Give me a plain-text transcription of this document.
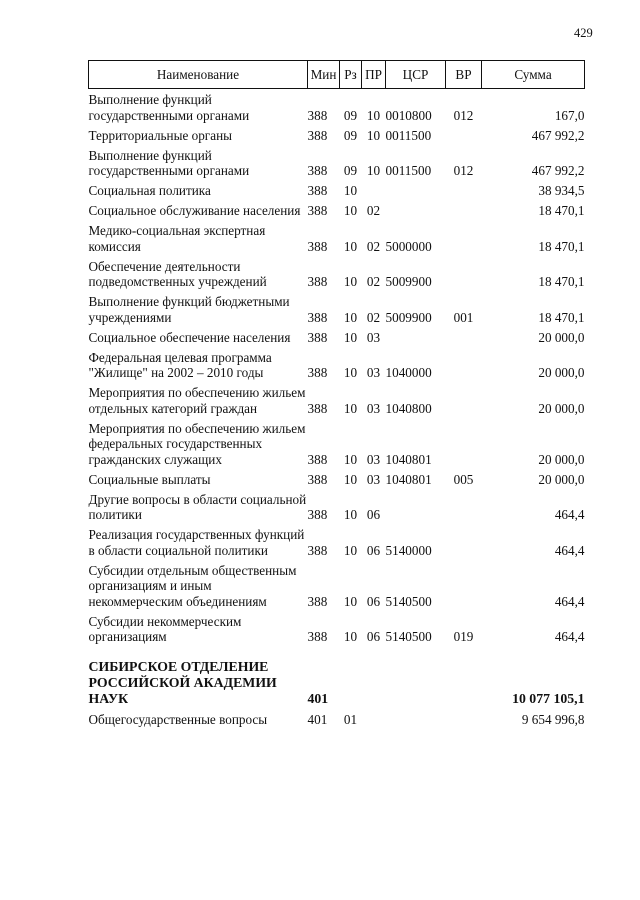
429
Наименование	Мин	Рз	ПР	ЦСР	ВР	Сумма
Выполнение функций государственными органами	388	09	10	0010800	012	167,0
Территориальные органы	388	09	10	0011500		467 992,2
Выполнение функций государственными органами	388	09	10	0011500	012	467 992,2
Социальная политика	388	10				38 934,5
Социальное обслуживание населения	388	10	02			18 470,1
Медико-социальная экспертная комиссия	388	10	02	5000000		18 470,1
Обеспечение деятельности подведомственных учреждений	388	10	02	5009900		18 470,1
Выполнение функций бюджетными учреждениями	388	10	02	5009900	001	18 470,1
Социальное обеспечение населения	388	10	03			20 000,0
Федеральная целевая программа "Жилище" на 2002 – 2010 годы	388	10	03	1040000		20 000,0
Мероприятия по обеспечению жильем отдельных категорий граждан	388	10	03	1040800		20 000,0
Мероприятия по обеспечению жильем федеральных государственных гражданских служащих	388	10	03	1040801		20 000,0
Социальные выплаты	388	10	03	1040801	005	20 000,0
Другие вопросы в области социальной политики	388	10	06			464,4
Реализация государственных функций в области социальной политики	388	10	06	5140000		464,4
Субсидии отдельным общественным организациям и иным некоммерческим объединениям	388	10	06	5140500		464,4
Субсидии некоммерческим организациям	388	10	06	5140500	019	464,4

СИБИРСКОЕ ОТДЕЛЕНИЕ РОССИЙСКОЙ АКАДЕМИИ НАУК	401					10 077 105,1
Общегосударственные вопросы	401	01				9 654 996,8
